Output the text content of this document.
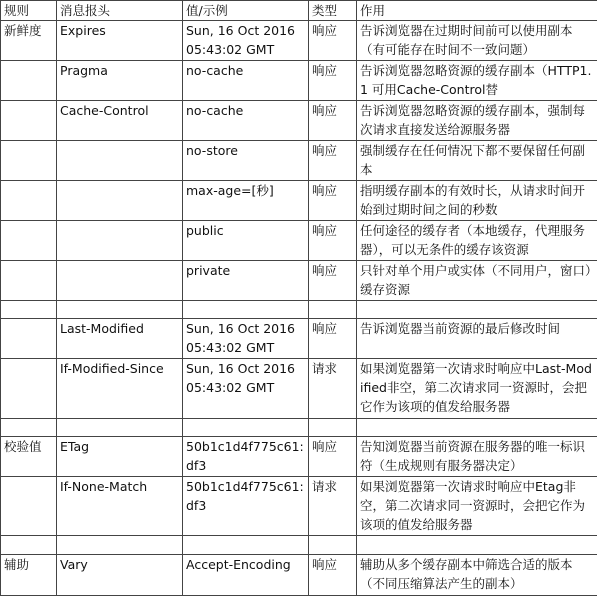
规则	消息报头	值/示例	类型	作用
新鲜度	Expires	Sun, 16 Oct 2016 05:43:02 GMT	响应	告诉浏览器在过期时间前可以使用副本（有可能存在时间不一致问题）
	Pragma	no-cache	响应	告诉浏览器忽略资源的缓存副本（HTTP1.1 可用Cache-Control替
	Cache-Control	no-cache	响应	告诉浏览器忽略资源的缓存副本，强制每次请求直接发送给源服务器
		no-store	响应	强制缓存在任何情况下都不要保留任何副本
		max-age=[秒]	响应	指明缓存副本的有效时长，从请求时间开始到过期时间之间的秒数
		public	响应	任何途径的缓存者（本地缓存，代理服务器），可以无条件的缓存该资源
		private	响应	只针对单个用户或实体（不同用户，窗口）缓存资源

	Last-Modified	Sun, 16 Oct 2016 05:43:02 GMT	响应	告诉浏览器当前资源的最后修改时间
	If-Modified-Since	Sun, 16 Oct 2016 05:43:02 GMT	请求	如果浏览器第一次请求时响应中Last-Modified非空，第二次请求同一资源时，会把它作为该项的值发给服务器

校验值	ETag	50b1c1d4f775c61:df3	响应	告知浏览器当前资源在服务器的唯一标识符（生成规则有服务器决定）
	If-None-Match	50b1c1d4f775c61:df3	请求	如果浏览器第一次请求时响应中Etag非空，第二次请求同一资源时，会把它作为该项的值发给服务器

辅助	Vary	Accept-Encoding	响应	辅助从多个缓存副本中筛选合适的版本（不同压缩算法产生的副本）
